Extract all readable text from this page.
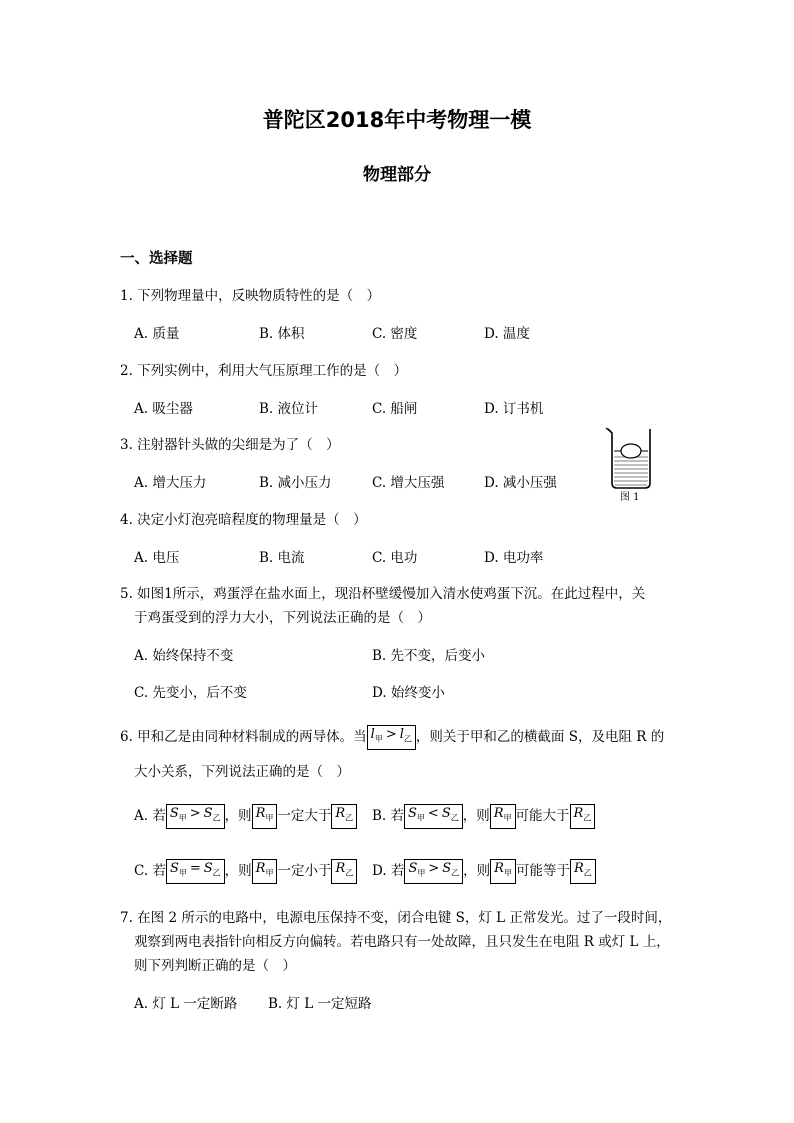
普陀区2018年中考物理一模
物理部分
一、选择题
1. 下列物理量中，反映物质特性的是（　）
A. 质量	B. 体积	C. 密度	D. 温度
2. 下列实例中，利用大气压原理工作的是（　）
A. 吸尘器	B. 液位计	C. 船闸	D. 订书机
3. 注射器针头做的尖细是为了（　）
A. 增大压力	B. 减小压力	C. 增大压强	D. 减小压强
图 1
4. 决定小灯泡亮暗程度的物理量是（　）
A. 电压	B. 电流	C. 电功	D. 电功率
5. 如图1所示，鸡蛋浮在盐水面上，现沿杯壁缓慢加入清水使鸡蛋下沉。在此过程中，关
于鸡蛋受到的浮力大小，下列说法正确的是（　）
A. 始终保持不变	B. 先不变，后变小
C. 先变小，后不变	D. 始终变小
6. 甲和乙是由同种材料制成的两导体。当 $l_甲 > l_乙$ ，则关于甲和乙的横截面 S，及电阻 R 的
大小关系，下列说法正确的是（　）
A. 若 $S_甲 > S_乙$ ，则 $R_甲$ 一定大于 $R_乙$ B. 若 $S_甲 < S_乙$ ，则 $R_甲$ 可能大于 $R_乙$
C. 若 $S_甲 = S_乙$ ，则 $R_甲$ 一定小于 $R_乙$ D. 若 $S_甲 > S_乙$ ，则 $R_甲$ 可能等于 $R_乙$
7. 在图 2 所示的电路中，电源电压保持不变，闭合电键 S，灯 L 正常发光。过了一段时间，
观察到两电表指针向相反方向偏转。若电路只有一处故障，且只发生在电阻 R 或灯 L 上，
则下列判断正确的是（　）
A. 灯 L 一定断路 B. 灯 L 一定短路
